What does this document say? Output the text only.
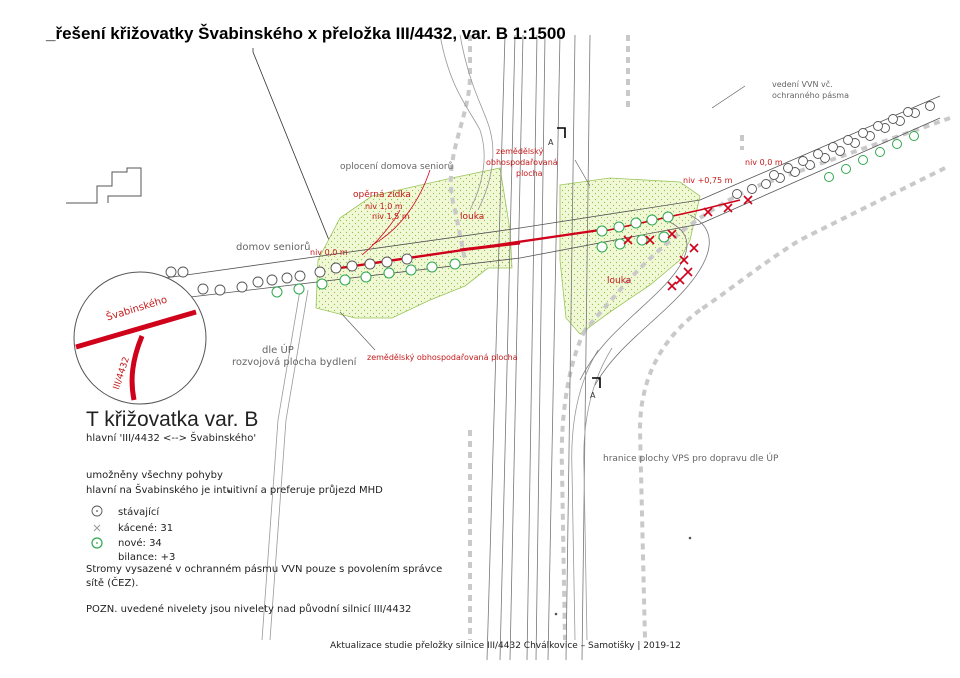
_řešení křižovatky Švabinského x přeložka III/4432, var. B 1:1500
oplocení domova seniorů
opěrná zídka
niv 1,0 m
niv 1,5 m	louka
domov seniorů niv 0,0 m
zemědělský
obhospodařovaná
plocha
vedení VVN vč.
ochranného pásma
niv 0,0 m
niv +0,75 m
louka
dle ÚP
rozvojová plocha bydlení zemědělský obhospodařovaná plocha
hranice plochy VPS pro dopravu dle ÚP
A
A
Švabinského
III/4432
T křižovatka var. B
hlavní 'III/4432 <--> Švabinského'
umožněny všechny pohyby
hlavní na Švabinského je intuitivní a preferuje průjezd MHD
stávající
kácené: 31
nové: 34
bilance: +3
Stromy vysazené v ochranném pásmu VVN pouze s povolením správce
sítě (ČEZ).
POZN. uvedené nivelety jsou nivelety nad původní silnicí III/4432
Aktualizace studie přeložky silnice III/4432 Chválkovice – Samotišky | 2019-12
